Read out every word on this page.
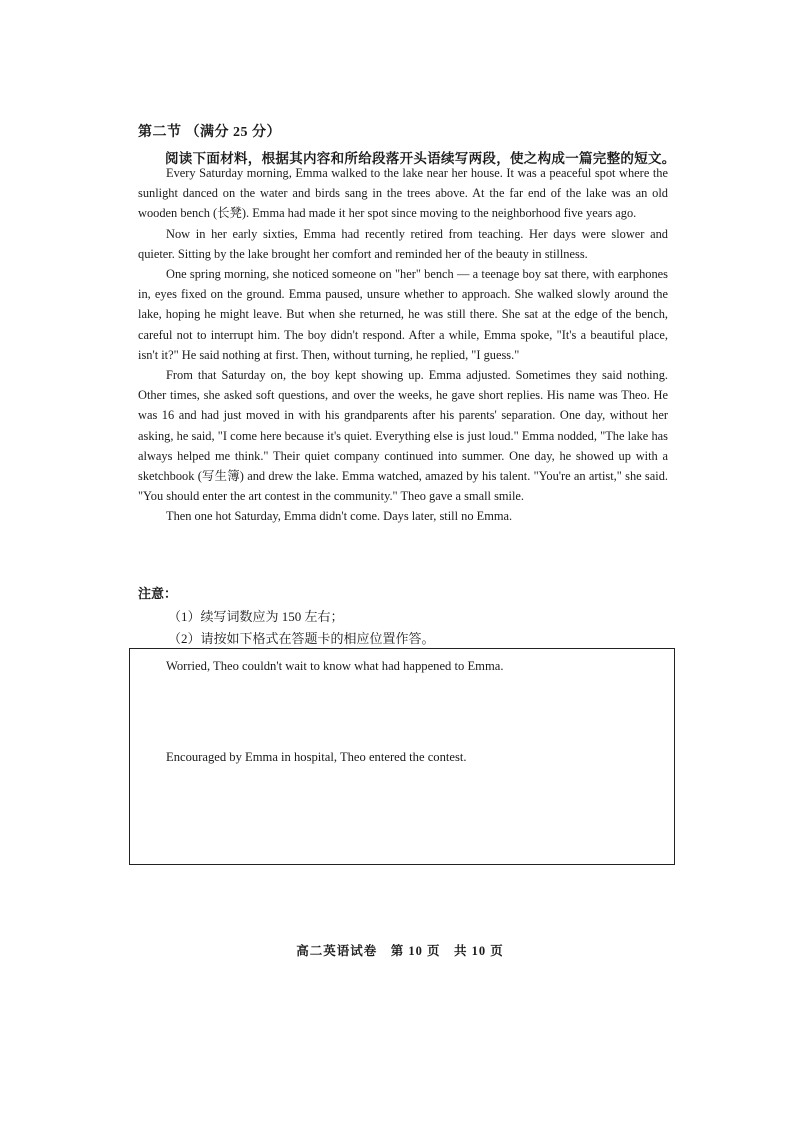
第二节 （满分 25 分）
阅读下面材料，根据其内容和所给段落开头语续写两段，使之构成一篇完整的短文。

Every Saturday morning, Emma walked to the lake near her house. It was a peaceful spot where the sunlight danced on the water and birds sang in the trees above. At the far end of the lake was an old wooden bench (长凳). Emma had made it her spot since moving to the neighborhood five years ago.

Now in her early sixties, Emma had recently retired from teaching. Her days were slower and quieter. Sitting by the lake brought her comfort and reminded her of the beauty in stillness.

One spring morning, she noticed someone on "her" bench — a teenage boy sat there, with earphones in, eyes fixed on the ground. Emma paused, unsure whether to approach. She walked slowly around the lake, hoping he might leave. But when she returned, he was still there. She sat at the edge of the bench, careful not to interrupt him. The boy didn't respond. After a while, Emma spoke, "It's a beautiful place, isn't it?" He said nothing at first. Then, without turning, he replied, "I guess."

From that Saturday on, the boy kept showing up. Emma adjusted. Sometimes they said nothing. Other times, she asked soft questions, and over the weeks, he gave short replies. His name was Theo. He was 16 and had just moved in with his grandparents after his parents' separation. One day, without her asking, he said, "I come here because it's quiet. Everything else is just loud." Emma nodded, "The lake has always helped me think." Their quiet company continued into summer. One day, he showed up with a sketchbook (写生簿) and drew the lake. Emma watched, amazed by his talent. "You're an artist," she said. "You should enter the art contest in the community." Theo gave a small smile.

Then one hot Saturday, Emma didn't come. Days later, still no Emma.

注意：
（1）续写词数应为 150 左右；
（2）请按如下格式在答题卡的相应位置作答。
Worried, Theo couldn't wait to know what had happened to Emma.
Encouraged by Emma in hospital, Theo entered the contest.
高二英语试卷　第 10 页　共 10 页
